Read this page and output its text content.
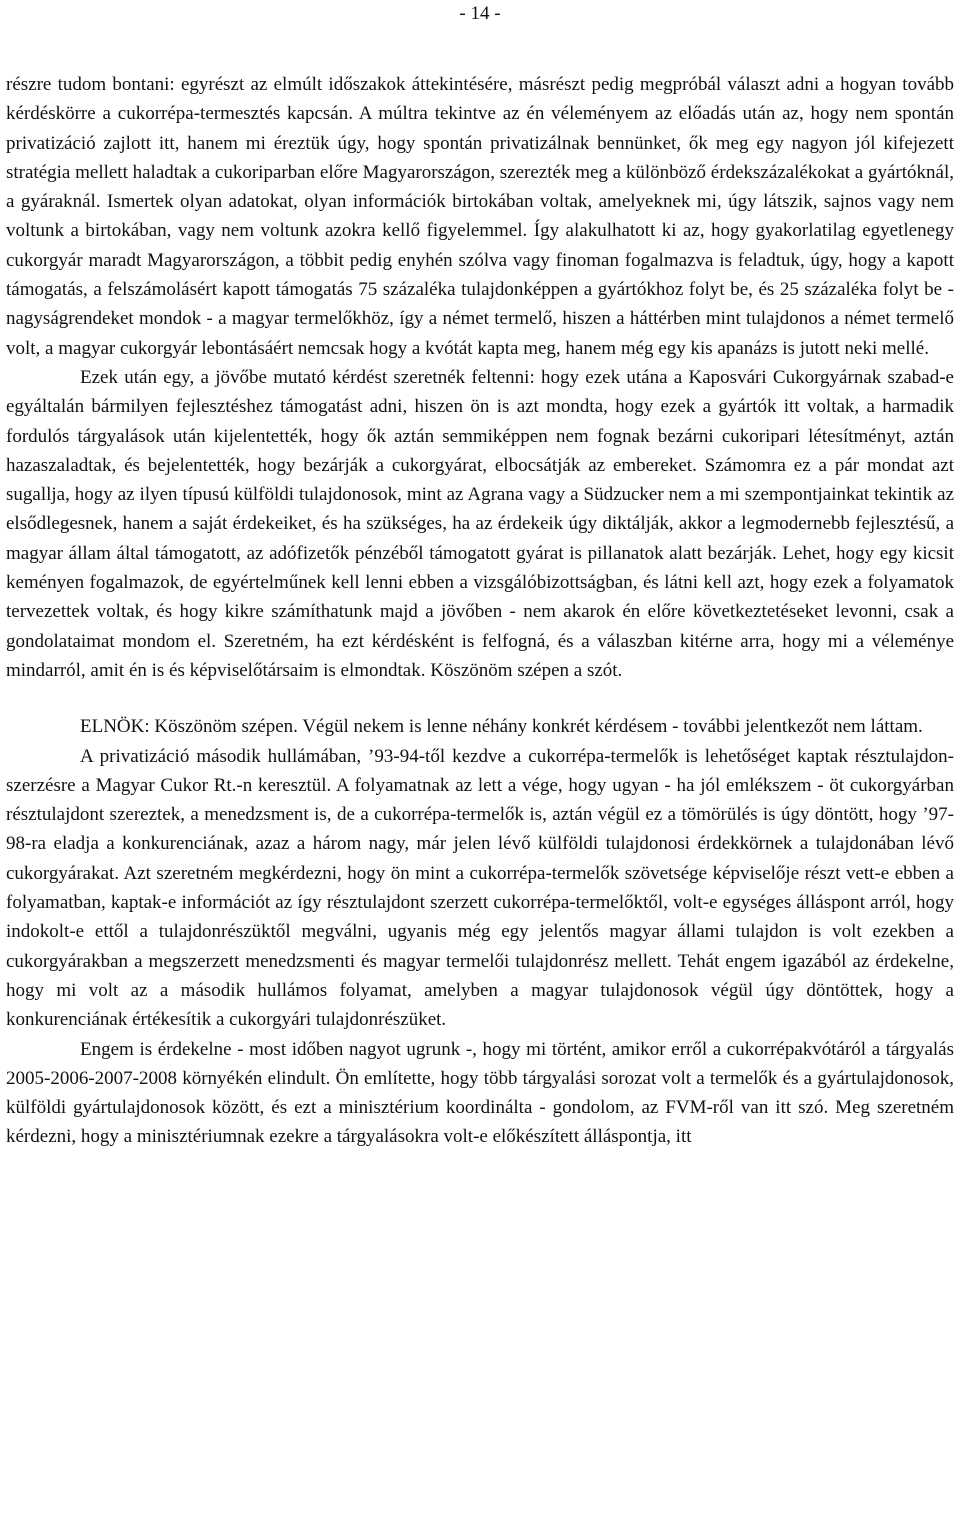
- 14 -

részre tudom bontani: egyrészt az elmúlt időszakok áttekintésére, másrészt pedig megpróbál választ adni a hogyan tovább kérdéskörre a cukorrépa-termesztés kapcsán. A múltra tekintve az én véleményem az előadás után az, hogy nem spontán privatizáció zajlott itt, hanem mi éreztük úgy, hogy spontán privatizálnak bennünket, ők meg egy nagyon jól kifejezett stratégia mellett haladtak a cukoriparban előre Magyarországon, szerezték meg a különböző érdekszázalékokat a gyártóknál, a gyáraknál. Ismertek olyan adatokat, olyan információk birtokában voltak, amelyeknek mi, úgy látszik, sajnos vagy nem voltunk a birtokában, vagy nem voltunk azokra kellő figyelemmel. Így alakulhatott ki az, hogy gyakorlatilag egyetlenegy cukorgyár maradt Magyarországon, a többit pedig enyhén szólva vagy finoman fogalmazva is feladtuk, úgy, hogy a kapott támogatás, a felszámolásért kapott támogatás 75 százaléka tulajdonképpen a gyártókhoz folyt be, és 25 százaléka folyt be - nagyságrendeket mondok - a magyar termelőkhöz, így a német termelő, hiszen a háttérben mint tulajdonos a német termelő volt, a magyar cukorgyár lebontásáért nemcsak hogy a kvótát kapta meg, hanem még egy kis apanázs is jutott neki mellé.

Ezek után egy, a jövőbe mutató kérdést szeretnék feltenni: hogy ezek utána a Kaposvári Cukorgyárnak szabad-e egyáltalán bármilyen fejlesztéshez támogatást adni, hiszen ön is azt mondta, hogy ezek a gyártók itt voltak, a harmadik fordulós tárgyalások után kijelentették, hogy ők aztán semmiképpen nem fognak bezárni cukoripari létesítményt, aztán hazaszaladtak, és bejelentették, hogy bezárják a cukorgyárat, elbocsátják az embereket. Számomra ez a pár mondat azt sugallja, hogy az ilyen típusú külföldi tulajdonosok, mint az Agrana vagy a Südzucker nem a mi szempontjainkat tekintik az elsődlegesnek, hanem a saját érdekeiket, és ha szükséges, ha az érdekeik úgy diktálják, akkor a legmodernebb fejlesztésű, a magyar állam által támogatott, az adófizetők pénzéből támogatott gyárat is pillanatok alatt bezárják. Lehet, hogy egy kicsit keményen fogalmazok, de egyértelműnek kell lenni ebben a vizsgálóbizottságban, és látni kell azt, hogy ezek a folyamatok tervezettek voltak, és hogy kikre számíthatunk majd a jövőben - nem akarok én előre következtetéseket levonni, csak a gondolataimat mondom el. Szeretném, ha ezt kérdésként is felfogná, és a válaszban kitérne arra, hogy mi a véleménye mindarról, amit én is és képviselőtársaim is elmondtak. Köszönöm szépen a szót.

ELNÖK: Köszönöm szépen. Végül nekem is lenne néhány konkrét kérdésem - további jelentkezőt nem láttam.

A privatizáció második hullámában, ’93-94-től kezdve a cukorrépa-termelők is lehetőséget kaptak résztulajdon-szerzésre a Magyar Cukor Rt.-n keresztül. A folyamatnak az lett a vége, hogy ugyan - ha jól emlékszem - öt cukorgyárban résztulajdont szereztek, a menedzsment is, de a cukorrépa-termelők is, aztán végül ez a tömörülés is úgy döntött, hogy ’97-98-ra eladja a konkurenciának, azaz a három nagy, már jelen lévő külföldi tulajdonosi érdekkörnek a tulajdonában lévő cukorgyárakat. Azt szeretném megkérdezni, hogy ön mint a cukorrépa-termelők szövetsége képviselője részt vett-e ebben a folyamatban, kaptak-e információt az így résztulajdont szerzett cukorrépa-termelőktől, volt-e egységes álláspont arról, hogy indokolt-e ettől a tulajdonrészüktől megválni, ugyanis még egy jelentős magyar állami tulajdon is volt ezekben a cukorgyárakban a megszerzett menedzsmenti és magyar termelői tulajdonrész mellett. Tehát engem igazából az érdekelne, hogy mi volt az a második hullámos folyamat, amelyben a magyar tulajdonosok végül úgy döntöttek, hogy a konkurenciának értékesítik a cukorgyári tulajdonrészüket.

Engem is érdekelne - most időben nagyot ugrunk -, hogy mi történt, amikor erről a cukorrépakvótáról a tárgyalás 2005-2006-2007-2008 környékén elindult. Ön említette, hogy több tárgyalási sorozat volt a termelők és a gyártulajdonosok, külföldi gyártulajdonosok között, és ezt a minisztérium koordinálta - gondolom, az FVM-ről van itt szó. Meg szeretném kérdezni, hogy a minisztériumnak ezekre a tárgyalásokra volt-e előkészített álláspontja, itt
